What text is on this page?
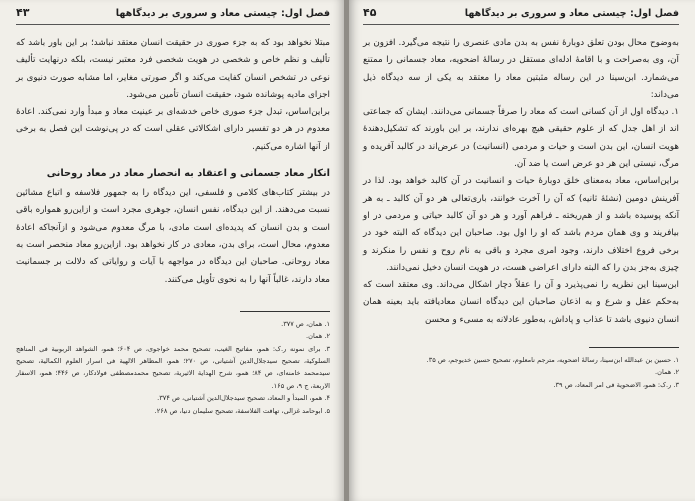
فصل اول: چیستی معاد و سروری بر دیدگاهها
۴۳

مبتلا نخواهد بود که به جزء صوری در حقیقت انسان معتقد نباشد؛ بر این باور باشد که تألیف و نظم خاص و شخصی در هویت شخصی فرد معتبر نیست، بلکه درنهایت تألیف نوعی در تشخص انسان کفایت می‌کند و اگر صورتی مغایر، اما مشابه صورت دنیوی بر اجزای مادیه پوشانده شود، حقیقت انسان تأمین می‌شود.

براین‌اساس، تبدل جزء صوری خاص خدشه‌ای بر عینیت معاد و مبدأ وارد نمی‌کند. اعادهٔ معدوم در هر دو تفسیر دارای اشکالاتی عقلی است که در پی‌نوشت این فصل به برخی از آنها اشاره می‌کنیم.

انکار معاد جسمانی و اعتقاد به انحصار معاد در معاد روحانی

در بیشتر کتاب‌های کلامی و فلسفی، این دیدگاه را به جمهور فلاسفه و اتباع مشائین نسبت می‌دهند. از این دیدگاه، نفس انسان، جوهری مجرد است و ازاین‌رو همواره باقی است و بدن انسان که پدیده‌ای است مادی، با مرگ معدوم می‌شود و ازآنجاکه اعادهٔ معدوم، محال است، برای بدن، معادی در کار نخواهد بود. ازاین‌رو معاد منحصر است به معاد روحانی. صاحبان این دیدگاه در مواجهه با آیات و روایاتی که دلالت بر جسمانیت معاد دارند، غالباً آنها را به نحوی تأویل می‌کنند.

۱. همان، ص ۳۷۷.

۲. همان.

۳. برای نمونه ر.ک: همو، مفاتیح الغیب، تصحیح محمد خواجوی، ص ۶۰۴؛ همو، الشواهد الربوبیة فی المناهج السلوکیة، تصحیح سیدجلال‌الدین آشتیانی، ص ۲۷۰؛ همو، المظاهر الالهیة فی اسرار العلوم الکمالیة، تصحیح سیدمحمد خامنه‌ای، ص ۸۴؛ همو، شرح الهدایة الاثیریة، تصحیح محمدمصطفی فولادکار، ص ۴۴۶؛ همو، الاسفار الاربعة، ج ۹، ص ۱۶۵.

۴. همو، المبدأ و المعاد، تصحیح سیدجلال‌الدین آشتیانی، ص ۳۷۴.

۵. ابوحامد غزالی، تهافت الفلاسفة، تصحیح سلیمان دنیا، ص ۲۶۸.

فصل اول: چیستی معاد و سروری بر دیدگاهها
۴۵

به‌وضوح محال بودن تعلق دوبارهٔ نفس به بدن مادی عنصری را نتیجه می‌گیرد. افزون بر آن، وی به‌صراحت و با اقامهٔ ادله‌ای مستقل در رسالهٔ اضحویه، معاد جسمانی را ممتنع می‌شمارد. ابن‌سینا در این رساله مثبتین معاد را معتقد به یکی از سه دیدگاه ذیل می‌داند:

۱. دیدگاه اول از آن کسانی است که معاد را صرفاً جسمانی می‌دانند. ایشان که جماعتی اند از اهل جدل که از علوم حقیقی هیچ بهره‌ای ندارند، بر این باورند که تشکیل‌دهندهٔ هویت انسان، این بدن است و حیات و مردمی (انسانیت) در عرض‌اند در کالبد آفریده و مرگ، نیستی این هر دو عرض است یا ضد آن.

براین‌اساس، معاد به‌معنای خلق دوبارهٔ حیات و انسانیت در آن کالبد خواهد بود. لذا در آفرینش دومین (نشئهٔ ثانیه) که آن را آخرت خوانند، باری‌تعالی هر دو آن کالبد ـ به هر آنکه پوسیده باشد و از هم‌ریخته ـ فراهم آورد و هر دو آن کالبد حیاتی و مردمی در او بیافریند و وی همان مردم باشد که او را اول بود. صاحبان این دیدگاه که البته خود در برخی فروع اختلاف دارند، وجود امری مجرد و باقی به نام روح و نفس را منکرند و چیزی به‌جز بدن را که البته دارای اعراضی هست، در هویت انسان دخیل نمی‌دانند.

ابن‌سینا این نظریه را نمی‌پذیرد و آن را عقلاً دچار اشکال می‌داند. وی معتقد است که به‌حکم عقل و شرع و به اذعان صاحبان این دیدگاه انسان معادیافته باید بعینه همان انسان دنیوی باشد تا عذاب و پاداش، به‌طور عادلانه به مسیء و محسن

۱. حسین بن عبدالله ابن‌سینا، رسالهٔ اضحویه، مترجم نامعلوم، تصحیح حسین خدیوجم، ص ۳۵.

۲. همان.

۳. ر.ک: همو، الاضحویة فی امر المعاد، ص ۳۹.
